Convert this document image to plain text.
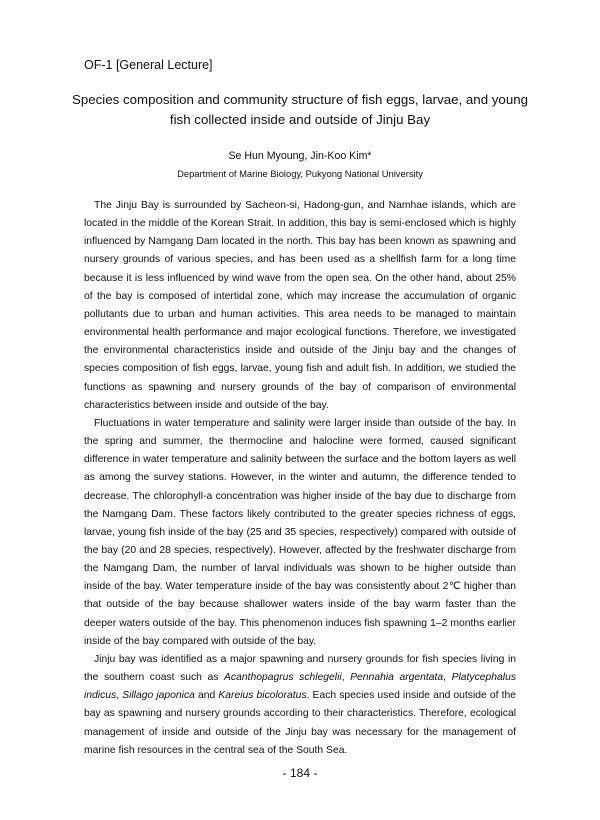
OF-1 [General Lecture]
Species composition and community structure of fish eggs, larvae, and young fish collected inside and outside of Jinju Bay
Se Hun Myoung, Jin-Koo Kim*
Department of Marine Biology, Pukyong National University

The Jinju Bay is surrounded by Sacheon-si, Hadong-gun, and Namhae islands, which are located in the middle of the Korean Strait. In addition, this bay is semi-enclosed which is highly influenced by Namgang Dam located in the north. This bay has been known as spawning and nursery grounds of various species, and has been used as a shellfish farm for a long time because it is less influenced by wind wave from the open sea. On the other hand, about 25% of the bay is composed of intertidal zone, which may increase the accumulation of organic pollutants due to urban and human activities. This area needs to be managed to maintain environmental health performance and major ecological functions. Therefore, we investigated the environmental characteristics inside and outside of the Jinju bay and the changes of species composition of fish eggs, larvae, young fish and adult fish. In addition, we studied the functions as spawning and nursery grounds of the bay of comparison of environmental characteristics between inside and outside of the bay.

Fluctuations in water temperature and salinity were larger inside than outside of the bay. In the spring and summer, the thermocline and halocline were formed, caused significant difference in water temperature and salinity between the surface and the bottom layers as well as among the survey stations. However, in the winter and autumn, the difference tended to decrease. The chlorophyll-a concentration was higher inside of the bay due to discharge from the Namgang Dam. These factors likely contributed to the greater species richness of eggs, larvae, young fish inside of the bay (25 and 35 species, respectively) compared with outside of the bay (20 and 28 species, respectively). However, affected by the freshwater discharge from the Namgang Dam, the number of larval individuals was shown to be higher outside than inside of the bay. Water temperature inside of the bay was consistently about 2℃ higher than that outside of the bay because shallower waters inside of the bay warm faster than the deeper waters outside of the bay. This phenomenon induces fish spawning 1–2 months earlier inside of the bay compared with outside of the bay.

Jinju bay was identified as a major spawning and nursery grounds for fish species living in the southern coast such as Acanthopagrus schlegelii, Pennahia argentata, Platycephalus indicus, Sillago japonica and Kareius bicoloratus. Each species used inside and outside of the bay as spawning and nursery grounds according to their characteristics. Therefore, ecological management of inside and outside of the Jinju bay was necessary for the management of marine fish resources in the central sea of the South Sea.

- 184 -
